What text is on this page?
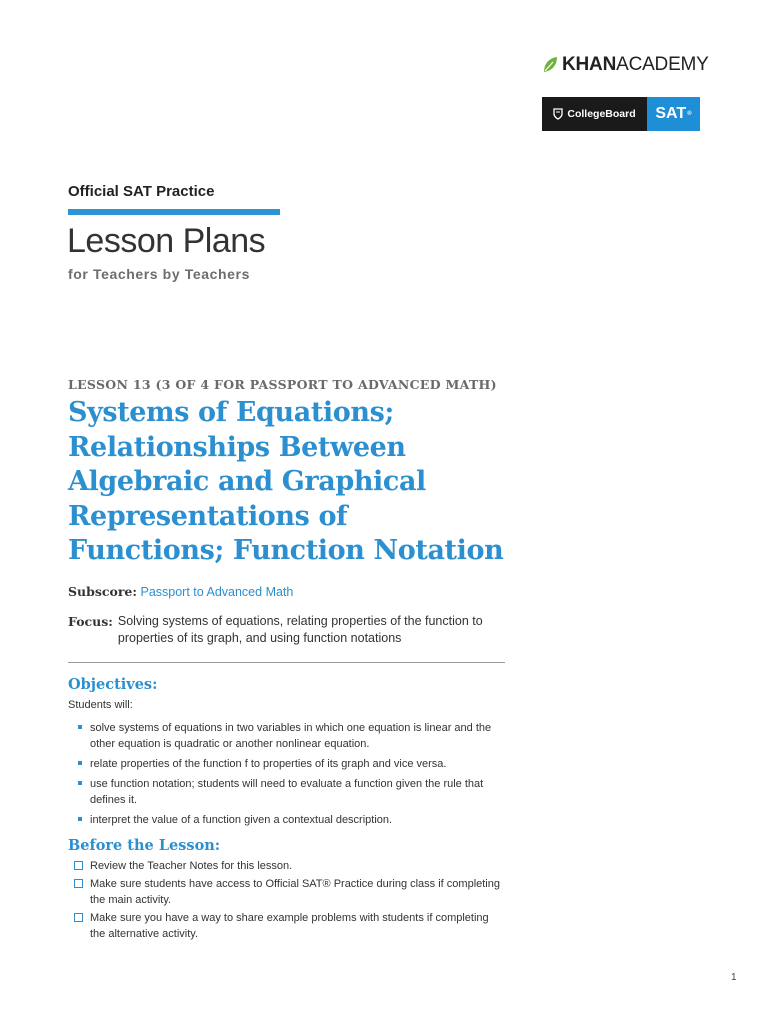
KHANACADEMY
CollegeBoard SAT ®
Official SAT Practice
Lesson Plans
for Teachers by Teachers
LESSON 13 (3 OF 4 FOR PASSPORT TO ADVANCED MATH)
Systems of Equations;
Relationships Between
Algebraic and Graphical
Representations of
Functions; Function Notation
Subscore: Passport to Advanced Math
Focus: Solving systems of equations, relating properties of the function to properties of its graph, and using function notations
Objectives:
Students will:
solve systems of equations in two variables in which one equation is linear and the other equation is quadratic or another nonlinear equation.
relate properties of the function f to properties of its graph and vice versa.
use function notation; students will need to evaluate a function given the rule that defines it.
interpret the value of a function given a contextual description.
Before the Lesson:
Review the Teacher Notes for this lesson.
Make sure students have access to Official SAT® Practice during class if completing the main activity.
Make sure you have a way to share example problems with students if completing the alternative activity.
1
